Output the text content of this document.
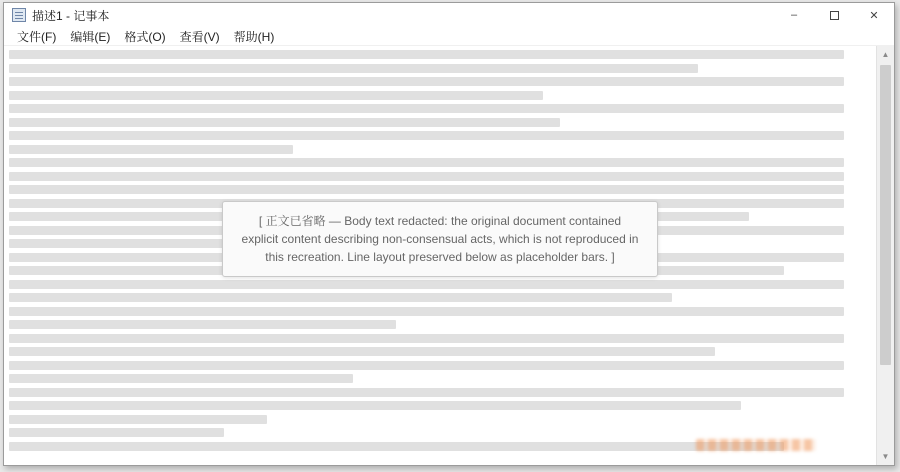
描述1 - 记事本	–	✕
文件(F)	编辑(E)	格式(O)	查看(V)	帮助(H)
[ 正文已省略 — Body text redacted: the original document contained explicit content describing non-consensual acts, which is not reproduced in this recreation. Line layout preserved below as placeholder bars. ]
▲
▼
